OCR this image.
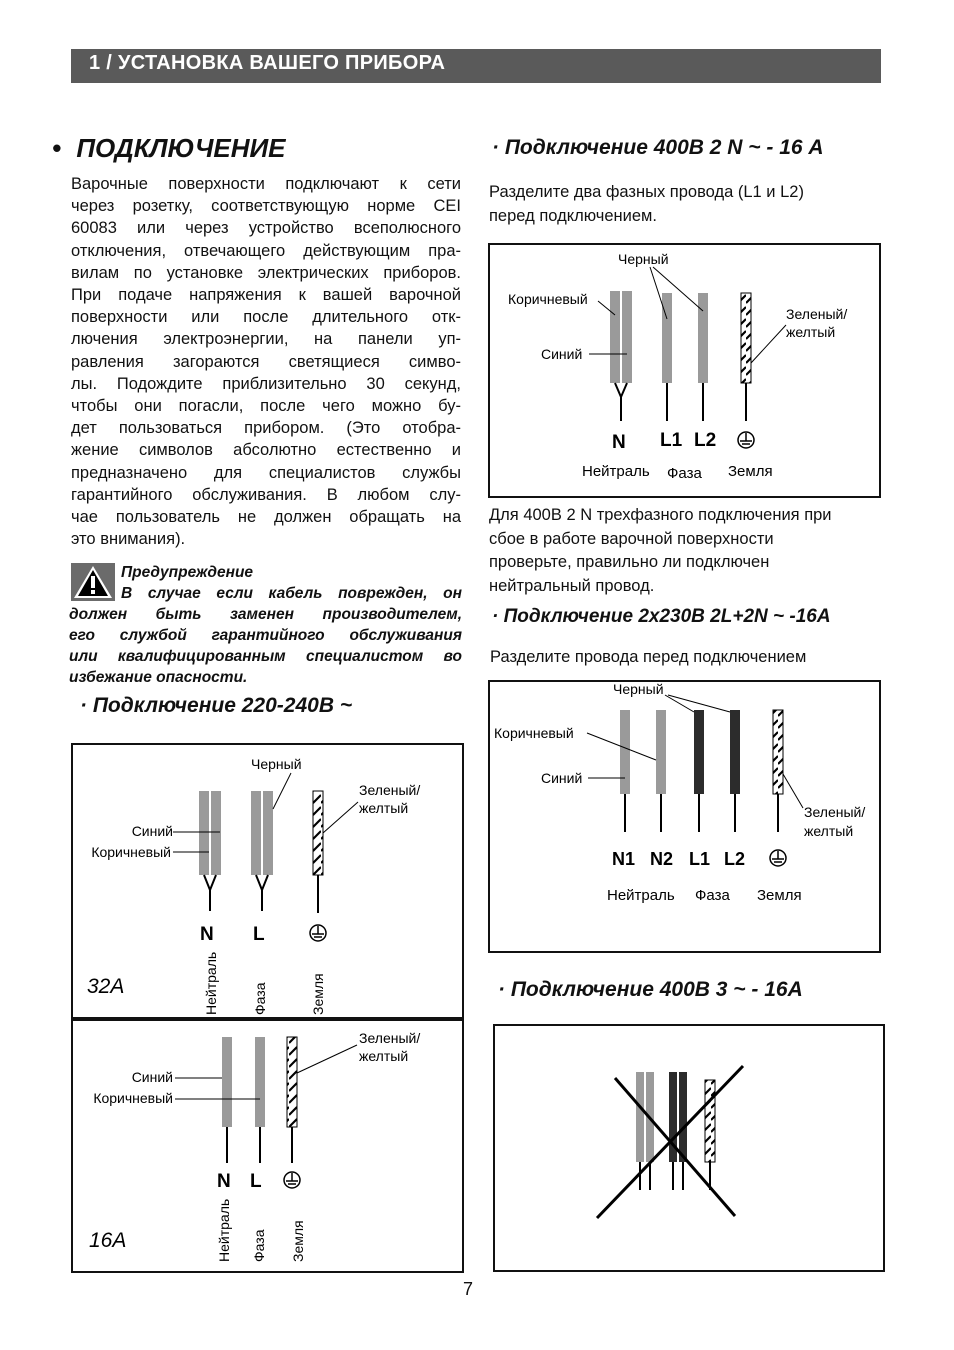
1 / УСТАНОВКА ВАШЕГО ПРИБОРА
• ПОДКЛЮЧЕНИЕ

Варочные поверхности подключают к сети

через розетку, соответствующую норме CEI

60083 или через устройство всеполюсного

отключения, отвечающего действующим пра-

вилам по установке электрических приборов.

При подаче напряжения к вашей варочной

поверхности или после длительного отк-

лючения электроэнергии, на панели уп-

равления загораются светящиеся симво-

лы. Подождите приблизительно 30 секунд,

чтобы они погасли, после чего можно бу-

дет пользоваться прибором. (Это отобра-

жение символов абсолютно естественно и

предназначено для специалистов службы

гарантийного обслуживания. В любом слу-

чае пользователь не должен обращать на

это внимания).

Предупреждение

В случае если кабель поврежден, он

должен быть заменен производителем,

его службой гарантийного обслуживания

или квалифицированным специалистом во

избежание опасности.

· Подключение 220-240В ~
Черный
Зеленый/
желтый
Синий
Коричневый
N L
Нейтраль Фаза	Земля
32A
Зеленый/
желтый
Синий
Коричневый
N L
Нейтраль Фаза Земля
16A
· Подключение 400В 2 N ~ - 16 А
Разделите два фазных провода (L1 и L2)
перед подключением.
Черный
Коричневый
Синий
Зеленый/
желтый
N L1 L2
Нейтраль Фаза Земля
Для 400В 2 N трехфазного подключения при
сбое в работе варочной поверхности
проверьте, правильно ли подключен
нейтральный провод.
· Подключение 2x230В 2L+2N ~ -16A
Разделите провода перед подключением
Черный
Коричневый
Синий
Зеленый/
желтый
N1 N2 L1 L2
Нейтраль Фаза Земля
· Подключение 400В 3 ~ - 16А
7
